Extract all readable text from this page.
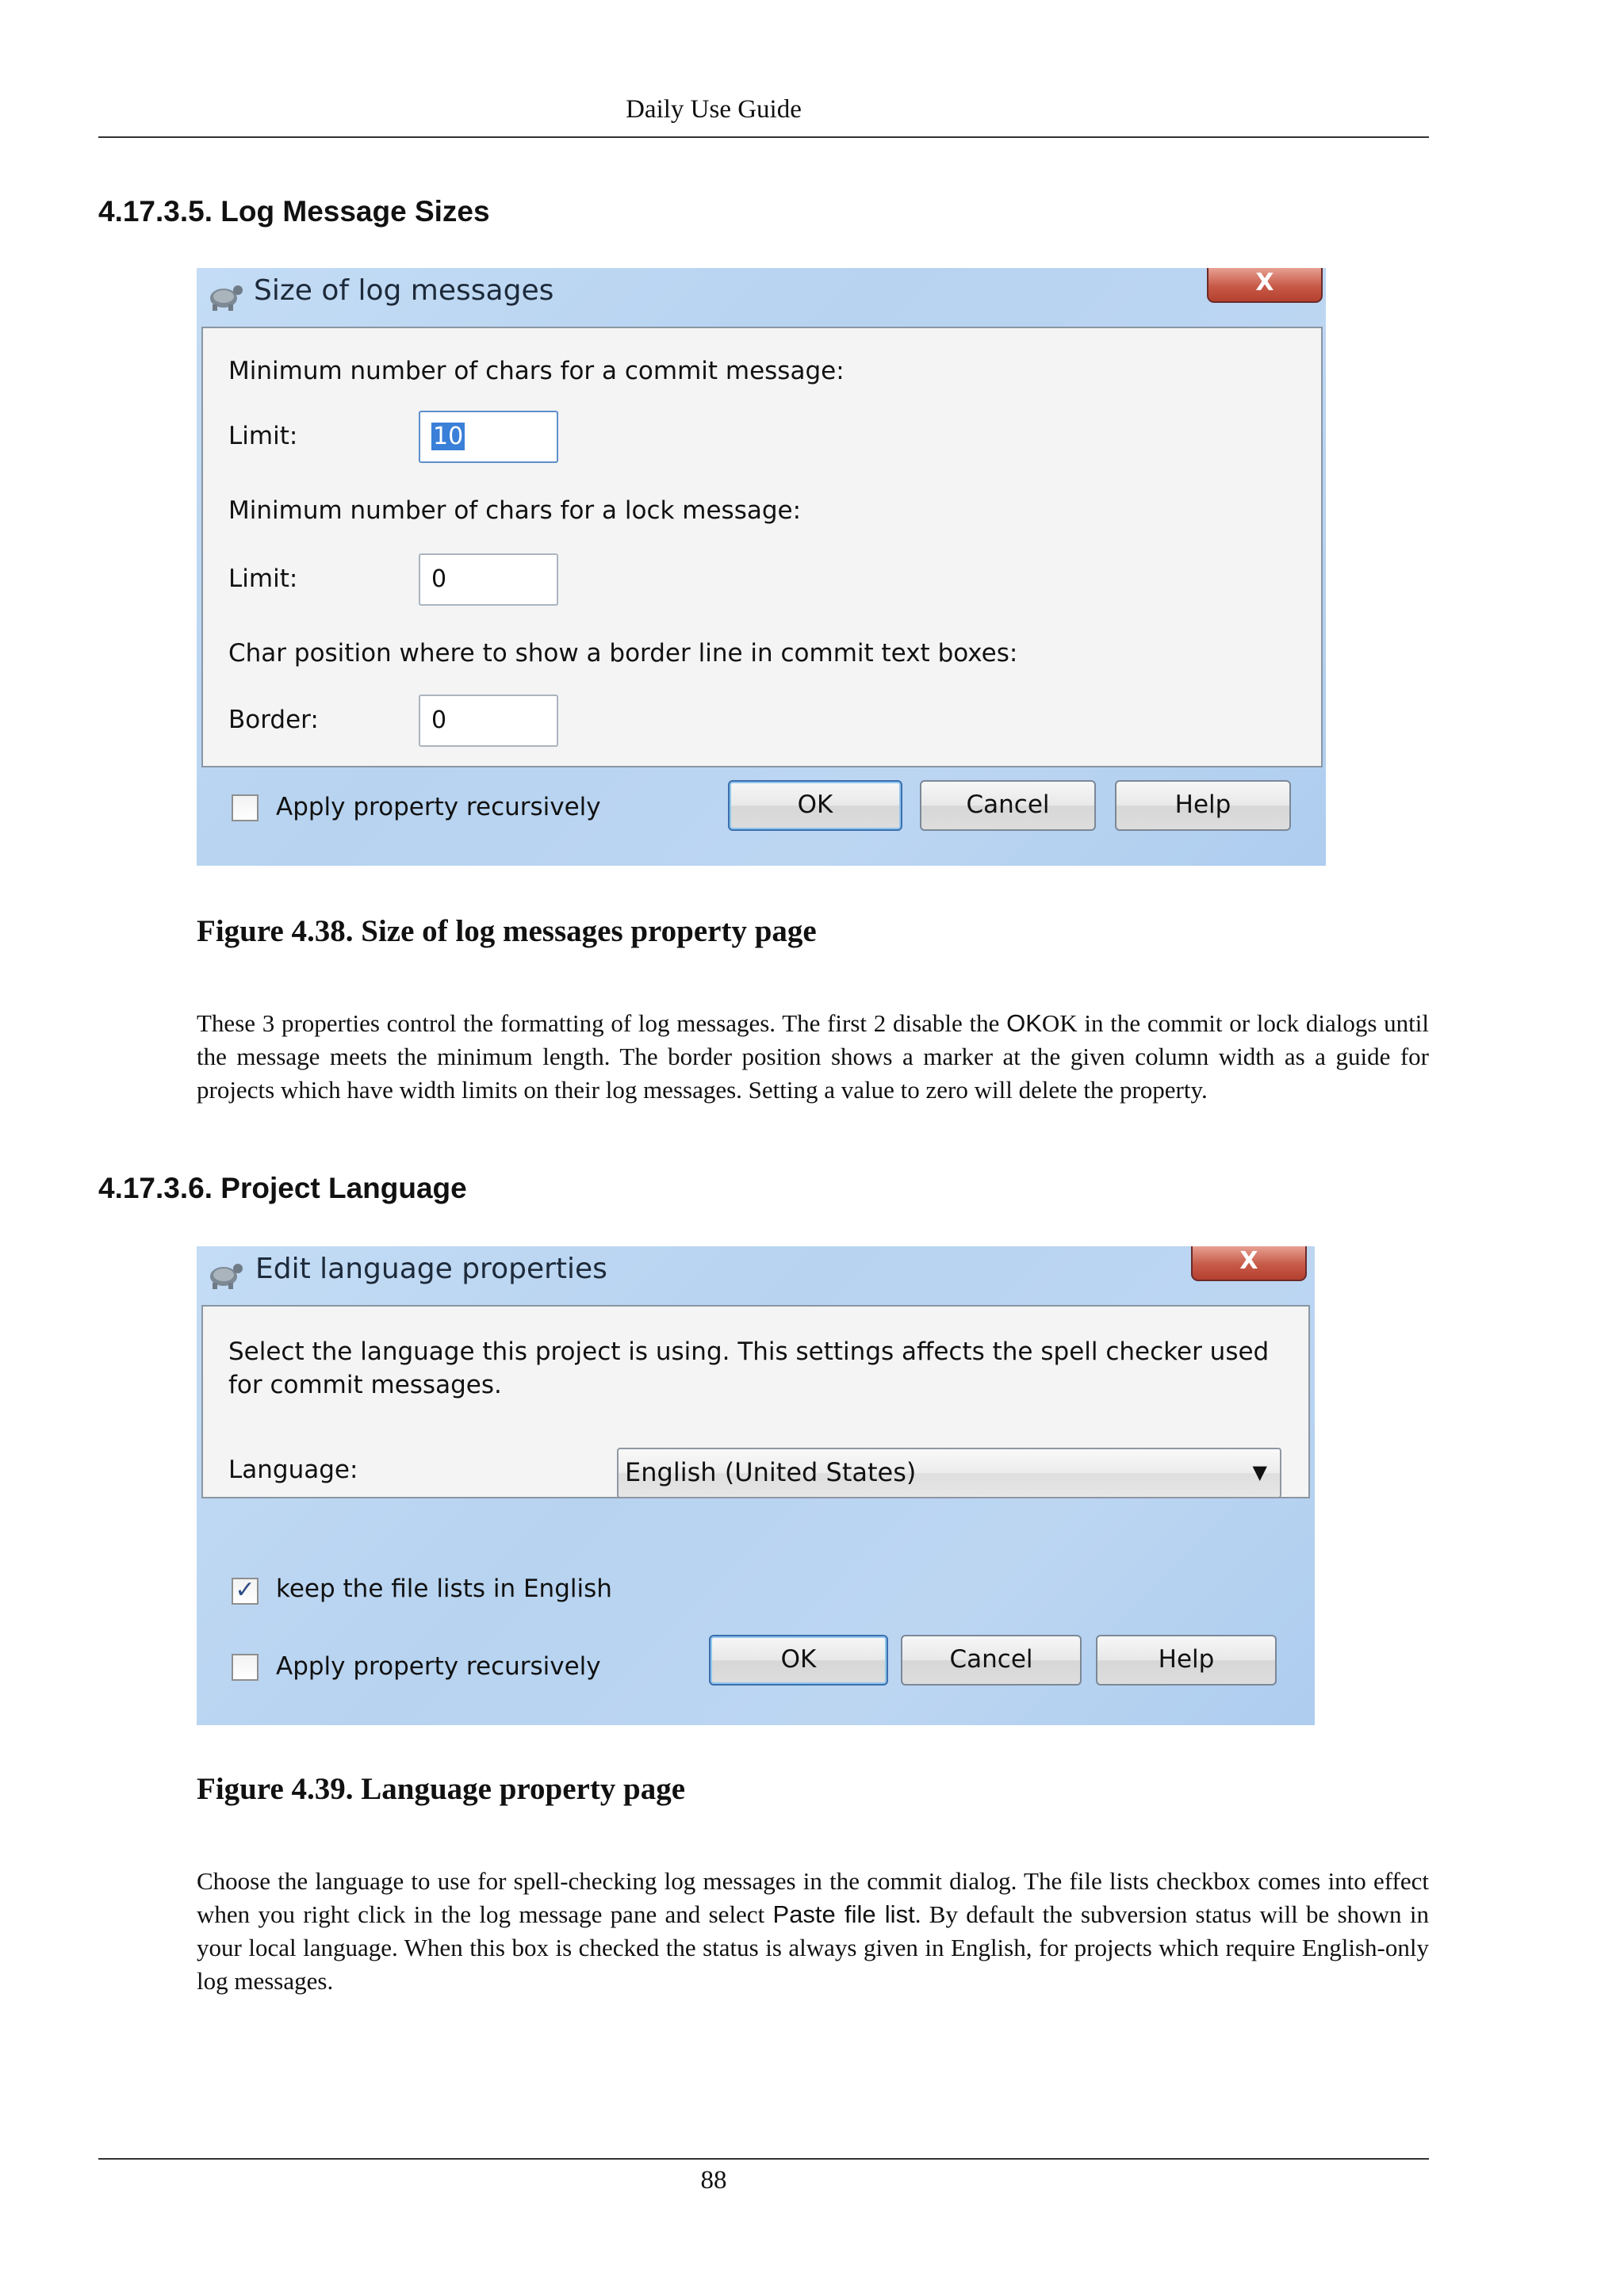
Daily Use Guide
4.17.3.5. Log Message Sizes
Size of log messages	X
Minimum number of chars for a commit message:
Limit:	10
Minimum number of chars for a lock message:
Limit:	0
Char position where to show a border line in commit text boxes:
Border:	0
Apply property recursively	OK	Cancel	Help
Figure 4.38. Size of log messages property page
These 3 properties control the formatting of log messages. The first 2 disable the OKOK in the commit or lock dialogs until the message meets the minimum length. The border position shows a marker at the given column width as a guide for projects which have width limits on their log messages. Setting a value to zero will delete the property.
4.17.3.6. Project Language
Edit language properties	X
Select the language this project is using. This settings affects the spell checker used for commit messages.
Language:	English (United States)	▼
✓ keep the file lists in English
Apply property recursively	OK	Cancel	Help
Figure 4.39. Language property page
Choose the language to use for spell-checking log messages in the commit dialog. The file lists checkbox comes into effect when you right click in the log message pane and select Paste file list. By default the subversion status will be shown in your local language. When this box is checked the status is always given in English, for projects which require English-only log messages.
88
